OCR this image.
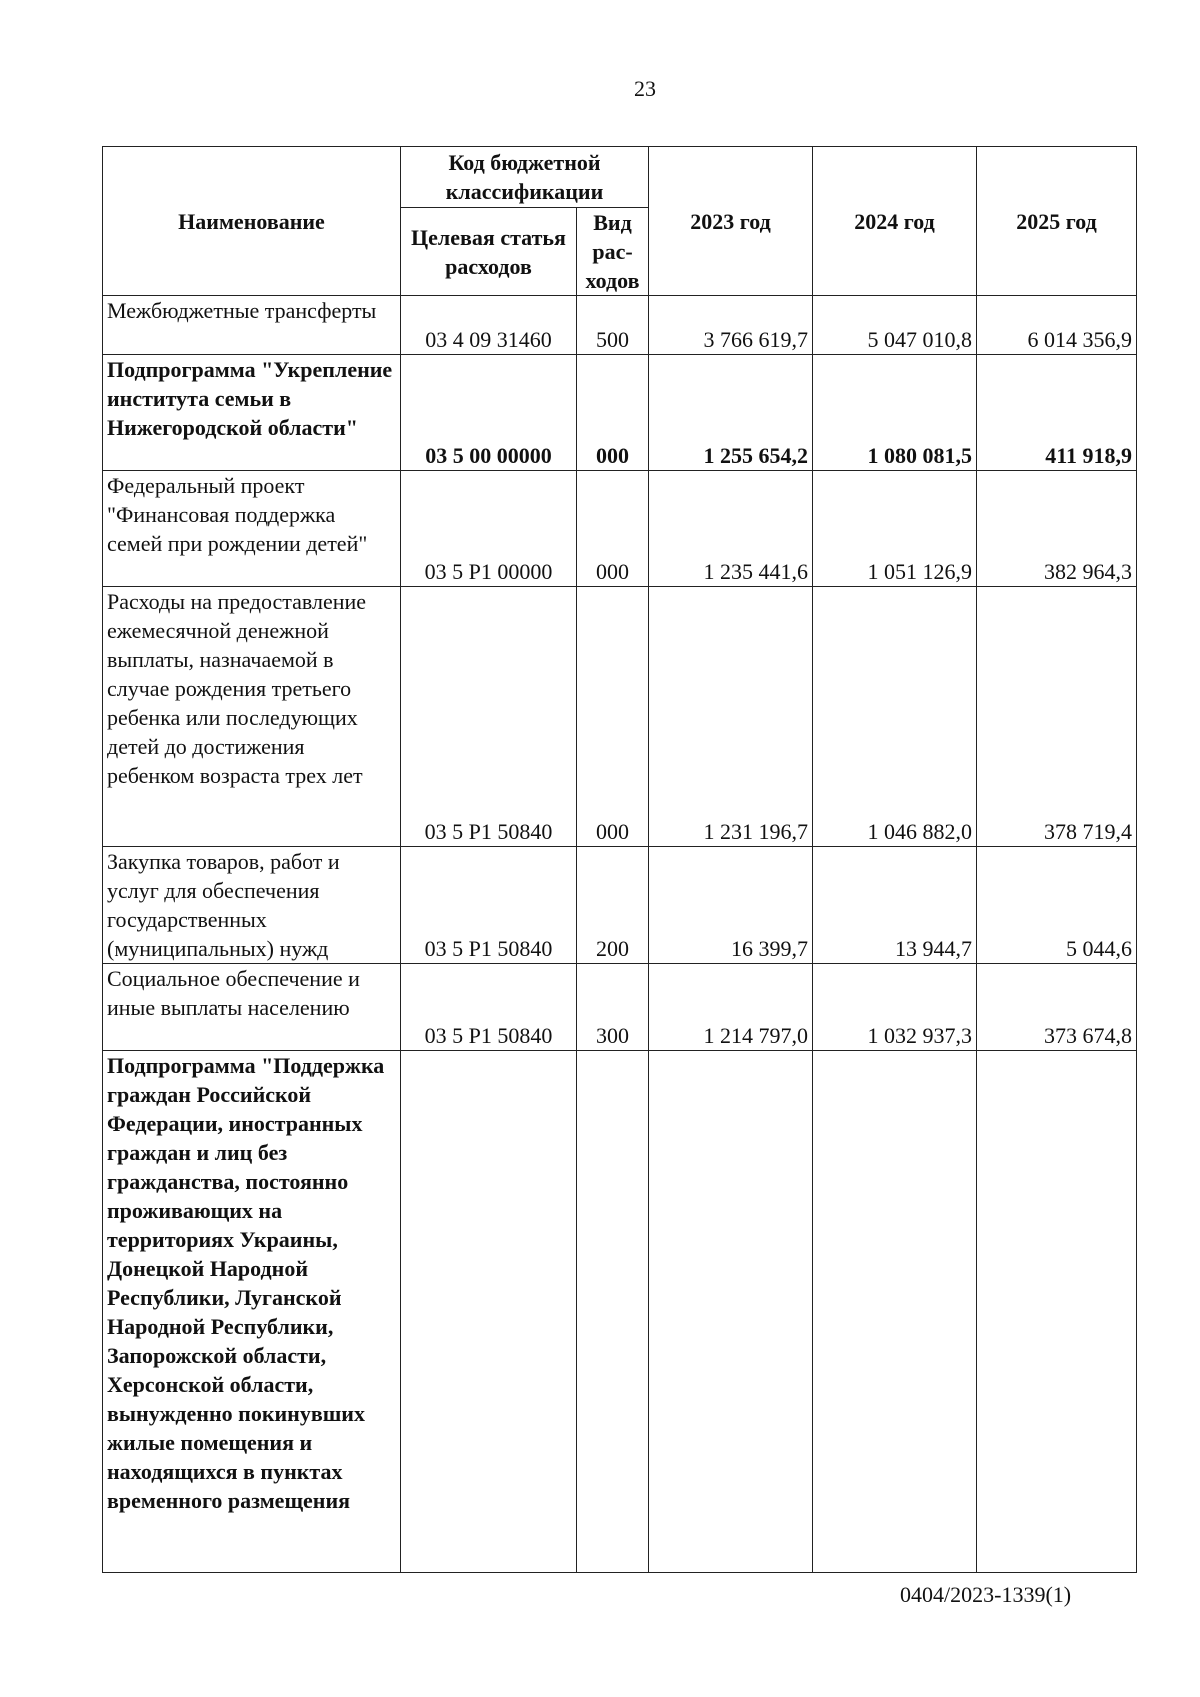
23
Наименование	Код бюджетной классификации		2023 год	2024 год	2025 год
	Целевая статья расходов	Вид рас-ходов			
Межбюджетные трансферты	03 4 09 31460	500	3 766 619,7	5 047 010,8	6 014 356,9
Подпрограмма "Укрепление института семьи в Нижегородской области"	03 5 00 00000	000	1 255 654,2	1 080 081,5	411 918,9
Федеральный проект "Финансовая поддержка семей при рождении детей"	03 5 P1 00000	000	1 235 441,6	1 051 126,9	382 964,3
Расходы на предоставление ежемесячной денежной выплаты, назначаемой в случае рождения третьего ребенка или последующих детей до достижения ребенком возраста трех лет	03 5 P1 50840	000	1 231 196,7	1 046 882,0	378 719,4
Закупка товаров, работ и услуг для обеспечения государственных (муниципальных) нужд	03 5 P1 50840	200	16 399,7	13 944,7	5 044,6
Социальное обеспечение и иные выплаты населению	03 5 P1 50840	300	1 214 797,0	1 032 937,3	373 674,8
Подпрограмма "Поддержка граждан Российской Федерации, иностранных граждан и лиц без гражданства, постоянно проживающих на территориях Украины, Донецкой Народной Республики, Луганской Народной Республики, Запорожской области, Херсонской области, вынужденно покинувших жилые помещения и находящихся в пунктах временного размещения					
0404/2023-1339(1)
